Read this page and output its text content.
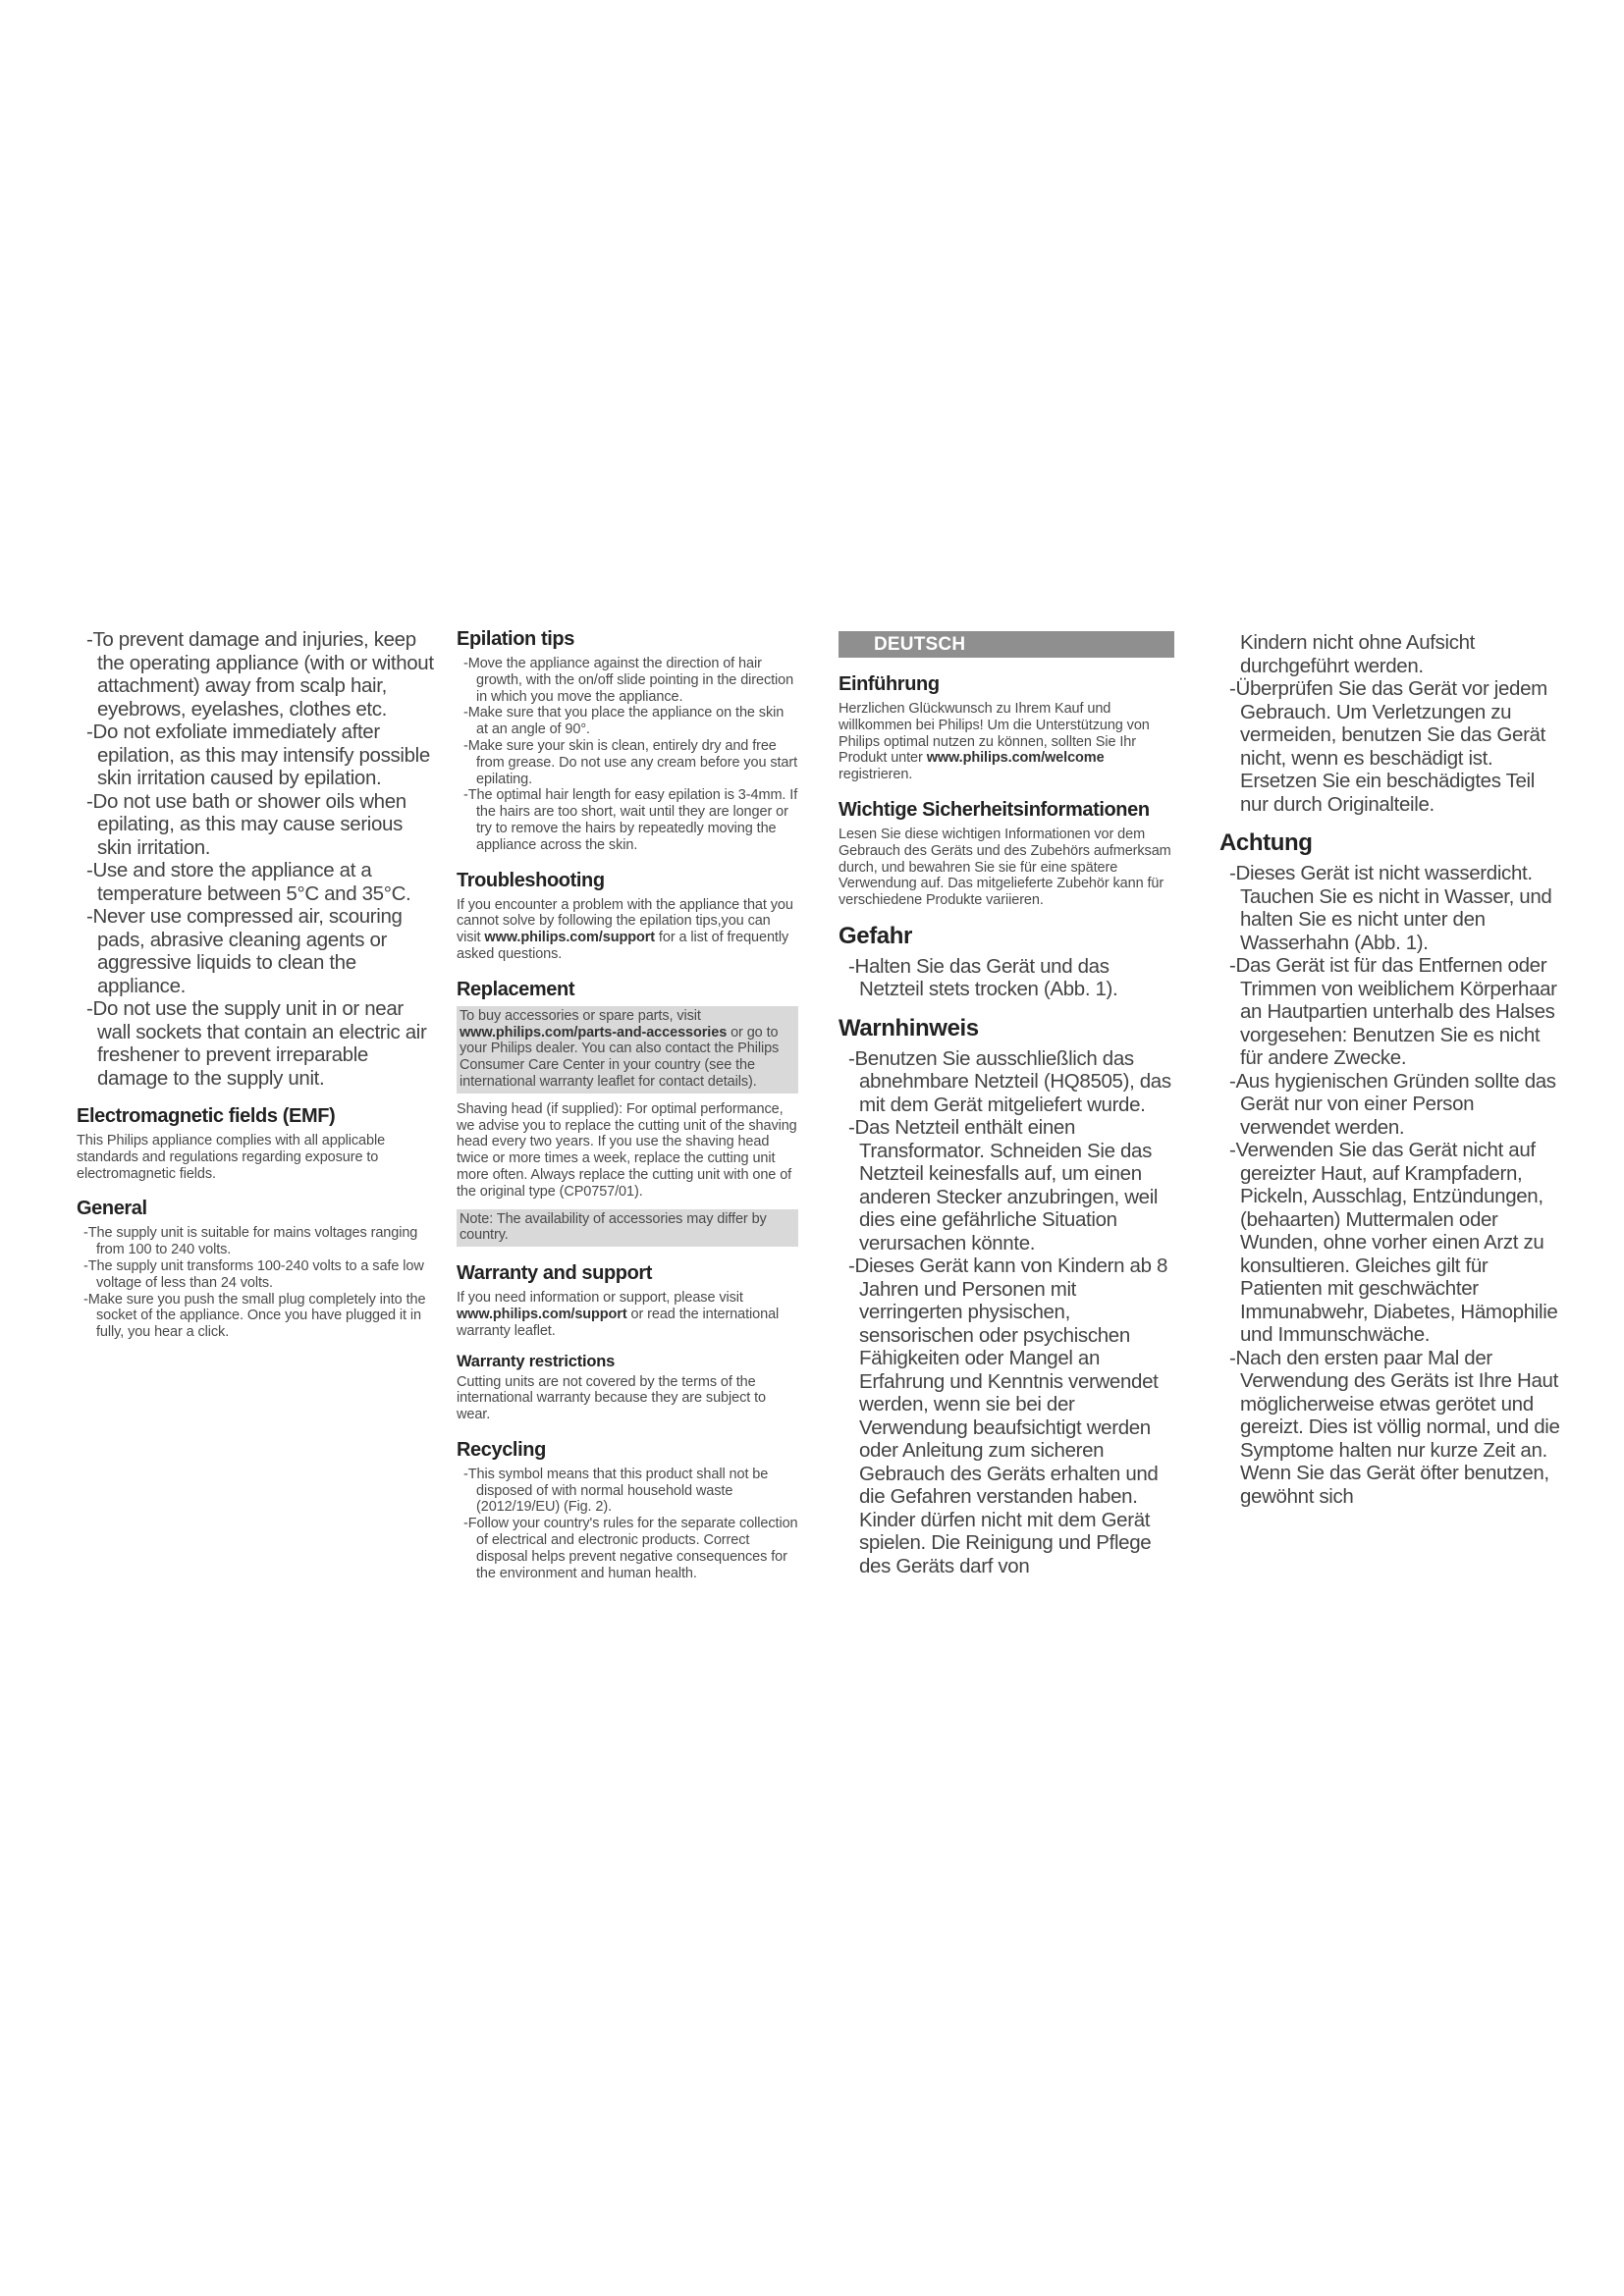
-To prevent damage and injuries, keep the operating appliance (with or without attachment) away from scalp hair, eyebrows, eyelashes, clothes etc.
-Do not exfoliate immediately after epilation, as this may intensify possible skin irritation caused by epilation.
-Do not use bath or shower oils when epilating, as this may cause serious skin irritation.
-Use and store the appliance at a temperature between 5°C and 35°C.
-Never use compressed air, scouring pads, abrasive cleaning agents or aggressive liquids to clean the appliance.
-Do not use the supply unit in or near wall sockets that contain an electric air freshener to prevent irreparable damage to the supply unit.
Electromagnetic fields (EMF)
This Philips appliance complies with all applicable standards and regulations regarding exposure to electromagnetic fields.
General
-The supply unit is suitable for mains voltages ranging from 100 to 240 volts.
-The supply unit transforms 100-240 volts to a safe low voltage of less than 24 volts.
-Make sure you push the small plug completely into the socket of the appliance. Once you have plugged it in fully, you hear a click.
Epilation tips
-Move the appliance against the direction of hair growth, with the on/off slide pointing in the direction in which you move the appliance.
-Make sure that you place the appliance on the skin at an angle of 90°.
-Make sure your skin is clean, entirely dry and free from grease. Do not use any cream before you start epilating.
-The optimal hair length for easy epilation is 3-4mm. If the hairs are too short, wait until they are longer or try to remove the hairs by repeatedly moving the appliance across the skin.
Troubleshooting
If you encounter a problem with the appliance that you cannot solve by following the epilation tips,you can visit www.philips.com/support for a list of frequently asked questions.
Replacement
To buy accessories or spare parts, visit www.philips.com/parts-and-accessories or go to your Philips dealer. You can also contact the Philips Consumer Care Center in your country (see the international warranty leaflet for contact details).
Shaving head (if supplied): For optimal performance, we advise you to replace the cutting unit of the shaving head every two years. If you use the shaving head twice or more times a week, replace the cutting unit more often. Always replace the cutting unit with one of the original type (CP0757/01).
Note: The availability of accessories may differ by country.
Warranty and support
If you need information or support, please visit www.philips.com/support or read the international warranty leaflet.
Warranty restrictions
Cutting units are not covered by the terms of the international warranty because they are subject to wear.
Recycling
-This symbol means that this product shall not be disposed of with normal household waste (2012/19/EU) (Fig. 2).
-Follow your country's rules for the separate collection of electrical and electronic products. Correct disposal helps prevent negative consequences for the environment and human health.
DEUTSCH
Einführung
Herzlichen Glückwunsch zu Ihrem Kauf und willkommen bei Philips! Um die Unterstützung von Philips optimal nutzen zu können, sollten Sie Ihr Produkt unter www.philips.com/welcome registrieren.
Wichtige Sicherheitsinformationen
Lesen Sie diese wichtigen Informationen vor dem Gebrauch des Geräts und des Zubehörs aufmerksam durch, und bewahren Sie sie für eine spätere Verwendung auf. Das mitgelieferte Zubehör kann für verschiedene Produkte variieren.
Gefahr
-Halten Sie das Gerät und das Netzteil stets trocken (Abb. 1).
Warnhinweis
-Benutzen Sie ausschließlich das abnehmbare Netzteil (HQ8505), das mit dem Gerät mitgeliefert wurde.
-Das Netzteil enthält einen Transformator. Schneiden Sie das Netzteil keinesfalls auf, um einen anderen Stecker anzubringen, weil dies eine gefährliche Situation verursachen könnte.
-Dieses Gerät kann von Kindern ab 8 Jahren und Personen mit verringerten physischen, sensorischen oder psychischen Fähigkeiten oder Mangel an Erfahrung und Kenntnis verwendet werden, wenn sie bei der Verwendung beaufsichtigt werden oder Anleitung zum sicheren Gebrauch des Geräts erhalten und die Gefahren verstanden haben. Kinder dürfen nicht mit dem Gerät spielen. Die Reinigung und Pflege des Geräts darf von
Kindern nicht ohne Aufsicht durchgeführt werden.
-Überprüfen Sie das Gerät vor jedem Gebrauch. Um Verletzungen zu vermeiden, benutzen Sie das Gerät nicht, wenn es beschädigt ist. Ersetzen Sie ein beschädigtes Teil nur durch Originalteile.
Achtung
-Dieses Gerät ist nicht wasserdicht. Tauchen Sie es nicht in Wasser, und halten Sie es nicht unter den Wasserhahn (Abb. 1).
-Das Gerät ist für das Entfernen oder Trimmen von weiblichem Körperhaar an Hautpartien unterhalb des Halses vorgesehen: Benutzen Sie es nicht für andere Zwecke.
-Aus hygienischen Gründen sollte das Gerät nur von einer Person verwendet werden.
-Verwenden Sie das Gerät nicht auf gereizter Haut, auf Krampfadern, Pickeln, Ausschlag, Entzündungen, (behaarten) Muttermalen oder Wunden, ohne vorher einen Arzt zu konsultieren. Gleiches gilt für Patienten mit geschwächter Immunabwehr, Diabetes, Hämophilie und Immunschwäche.
-Nach den ersten paar Mal der Verwendung des Geräts ist Ihre Haut möglicherweise etwas gerötet und gereizt. Dies ist völlig normal, und die Symptome halten nur kurze Zeit an. Wenn Sie das Gerät öfter benutzen, gewöhnt sich
